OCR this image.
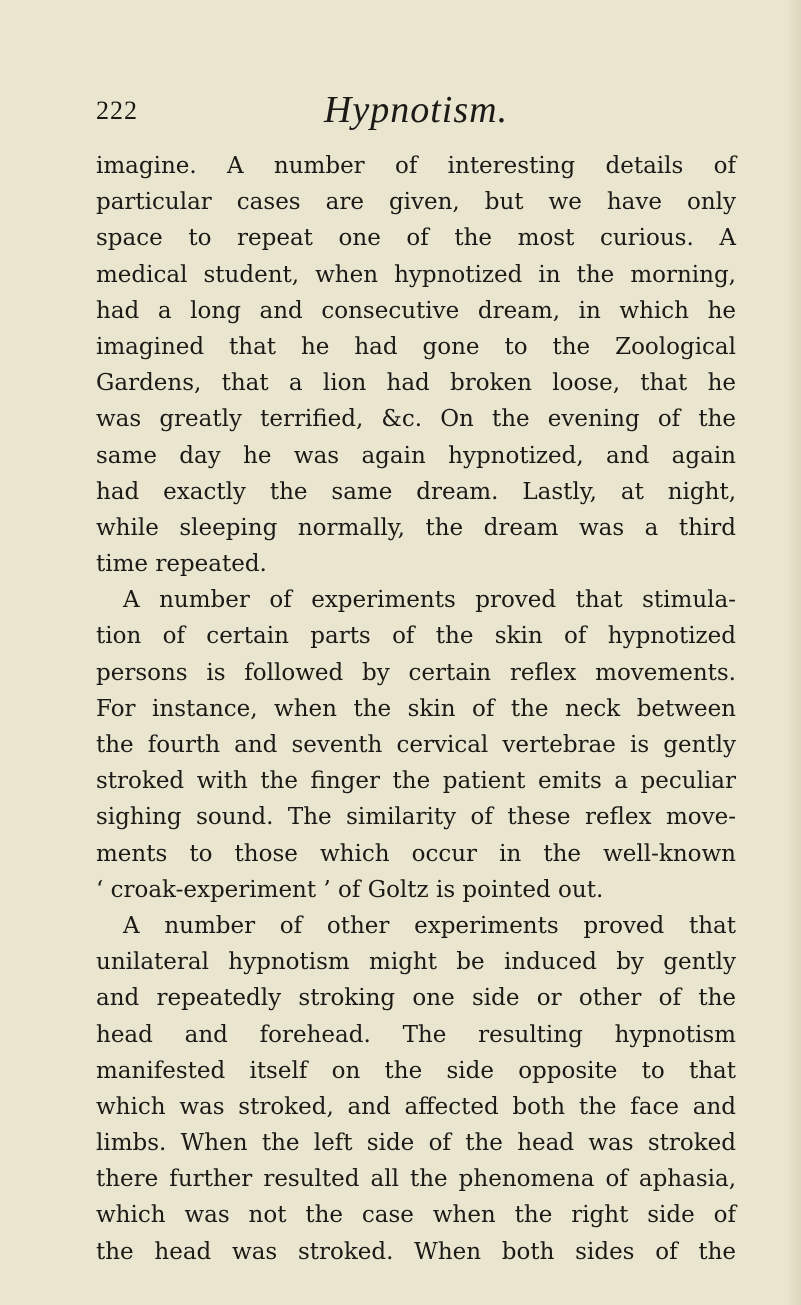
222	Hypnotism.
imagine. A number of interesting details of
particular cases are given, but we have only
space to repeat one of the most curious. A
medical student, when hypnotized in the morning,
had a long and consecutive dream, in which he
imagined that he had gone to the Zoological
Gardens, that a lion had broken loose, that he
was greatly terrified, &c. On the evening of the
same day he was again hypnotized, and again
had exactly the same dream. Lastly, at night,
while sleeping normally, the dream was a third
time repeated.
A number of experiments proved that stimula-
tion of certain parts of the skin of hypnotized
persons is followed by certain reflex movements.
For instance, when the skin of the neck between
the fourth and seventh cervical vertebrae is gently
stroked with the finger the patient emits a peculiar
sighing sound. The similarity of these reflex move-
ments to those which occur in the well-known
‘ croak-experiment ’ of Goltz is pointed out.
A number of other experiments proved that
unilateral hypnotism might be induced by gently
and repeatedly stroking one side or other of the
head and forehead. The resulting hypnotism
manifested itself on the side opposite to that
which was stroked, and affected both the face and
limbs. When the left side of the head was stroked
there further resulted all the phenomena of aphasia,
which was not the case when the right side of
the head was stroked. When both sides of the
